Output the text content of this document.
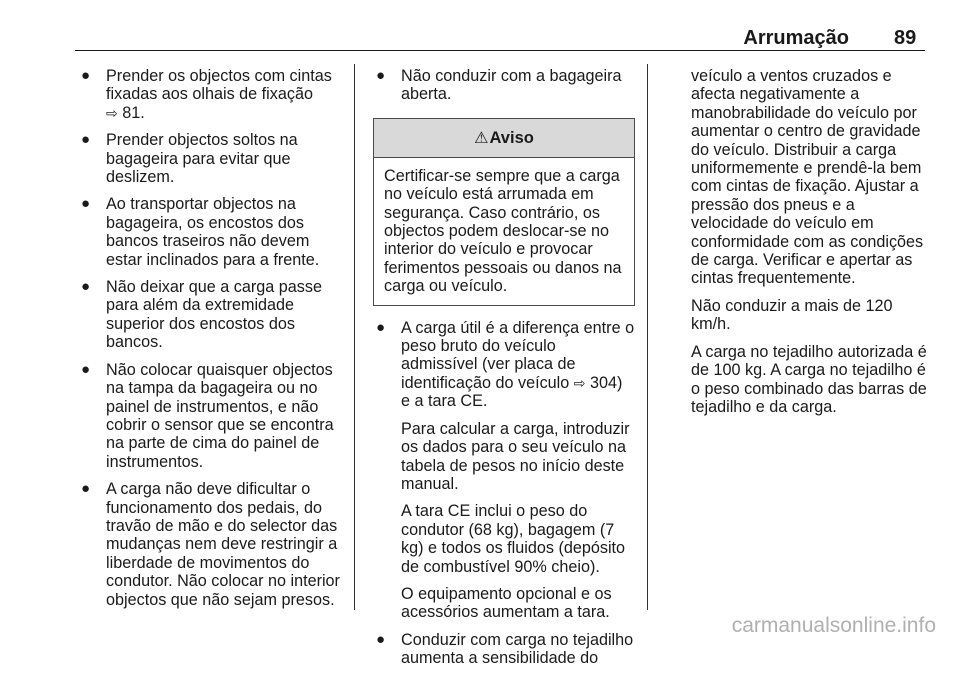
Arrumação 89
● Prender os objectos com cintas fixadas aos olhais de fixação
⇨ 81.
● Prender objectos soltos na bagageira para evitar que deslizem.
● Ao transportar objectos na bagageira, os encostos dos bancos traseiros não devem estar inclinados para a frente.
● Não deixar que a carga passe para além da extremidade superior dos encostos dos bancos.
● Não colocar quaisquer objectos na tampa da bagageira ou no painel de instrumentos, e não cobrir o sensor que se encontra na parte de cima do painel de instrumentos.
● A carga não deve dificultar o funcionamento dos pedais, do travão de mão e do selector das mudanças nem deve restringir a liberdade de movimentos do condutor. Não colocar no interior objectos que não sejam presos.
● Não conduzir com a bagageira aberta.
⚠Aviso
Certificar-se sempre que a carga no veículo está arrumada em segurança. Caso contrário, os objectos podem deslocar-se no interior do veículo e provocar ferimentos pessoais ou danos na carga ou veículo.
● A carga útil é a diferença entre o peso bruto do veículo admissível (ver placa de identificação do veículo ⇨ 304) e a tara CE.
Para calcular a carga, introduzir os dados para o seu veículo na tabela de pesos no início deste manual.
A tara CE inclui o peso do condutor (68 kg), bagagem (7 kg) e todos os fluidos (depósito de combustível 90% cheio).
O equipamento opcional e os acessórios aumentam a tara.
● Conduzir com carga no tejadilho aumenta a sensibilidade do

veículo a ventos cruzados e afecta negativamente a manobrabilidade do veículo por aumentar o centro de gravidade do veículo. Distribuir a carga uniformemente e prendê-la bem com cintas de fixação. Ajustar a pressão dos pneus e a velocidade do veículo em conformidade com as condições de carga. Verificar e apertar as cintas frequentemente.

Não conduzir a mais de 120 km/h.

A carga no tejadilho autorizada é de 100 kg. A carga no tejadilho é o peso combinado das barras de tejadilho e da carga.

carmanualsonline.info
